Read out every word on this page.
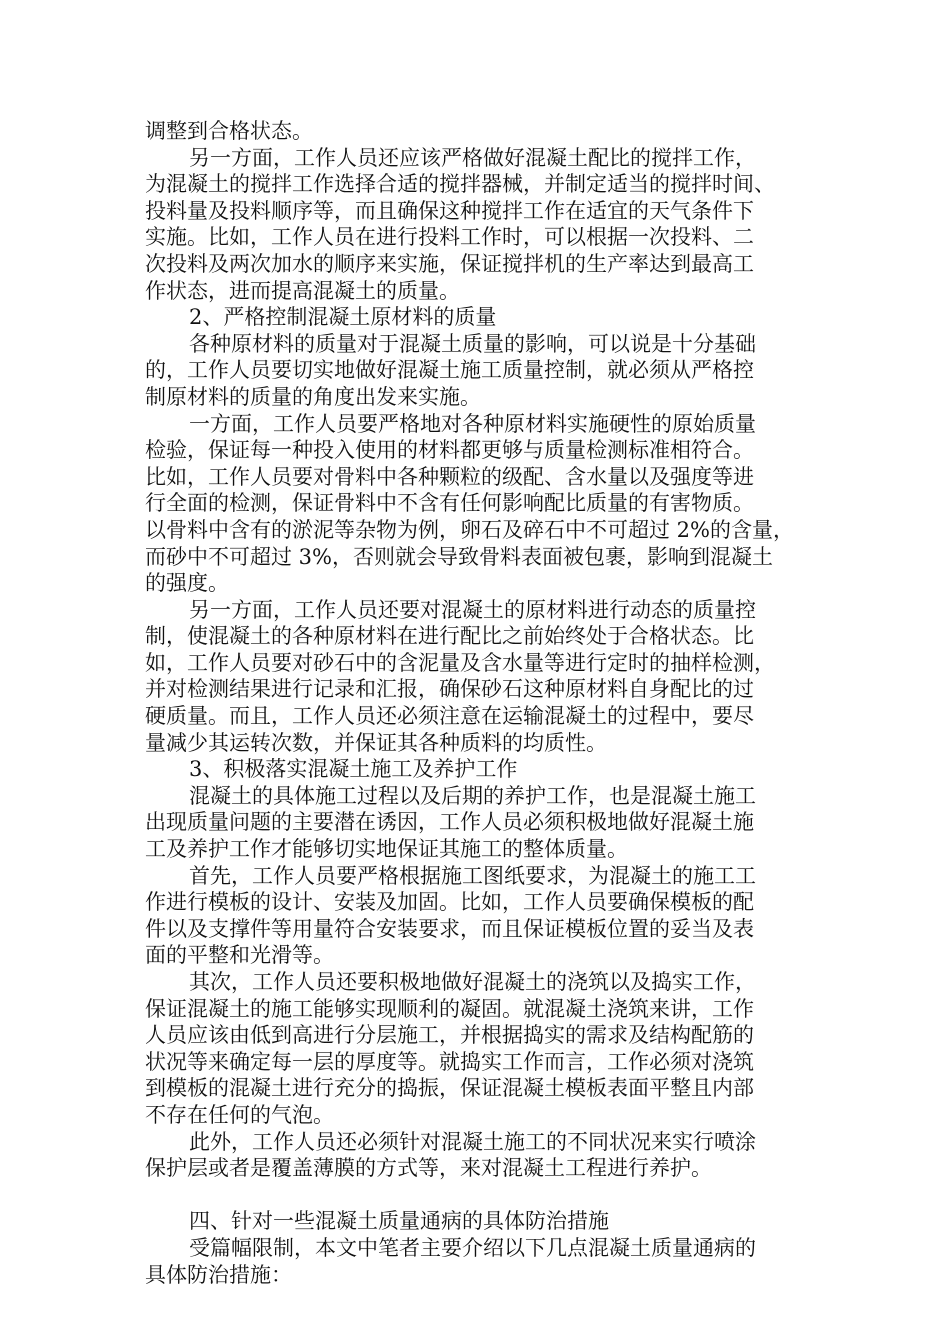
调整到合格状态。
另一方面，工作人员还应该严格做好混凝土配比的搅拌工作，
为混凝土的搅拌工作选择合适的搅拌器械，并制定适当的搅拌时间、
投料量及投料顺序等，而且确保这种搅拌工作在适宜的天气条件下
实施。比如，工作人员在进行投料工作时，可以根据一次投料、二
次投料及两次加水的顺序来实施，保证搅拌机的生产率达到最高工
作状态，进而提高混凝土的质量。
2、严格控制混凝土原材料的质量
各种原材料的质量对于混凝土质量的影响，可以说是十分基础
的，工作人员要切实地做好混凝土施工质量控制，就必须从严格控
制原材料的质量的角度出发来实施。
一方面，工作人员要严格地对各种原材料实施硬性的原始质量
检验，保证每一种投入使用的材料都更够与质量检测标准相符合。
比如，工作人员要对骨料中各种颗粒的级配、含水量以及强度等进
行全面的检测，保证骨料中不含有任何影响配比质量的有害物质。
以骨料中含有的淤泥等杂物为例，卵石及碎石中不可超过 2%的含量，
而砂中不可超过 3%，否则就会导致骨料表面被包裹，影响到混凝土
的强度。
另一方面，工作人员还要对混凝土的原材料进行动态的质量控
制，使混凝土的各种原材料在进行配比之前始终处于合格状态。比
如，工作人员要对砂石中的含泥量及含水量等进行定时的抽样检测，
并对检测结果进行记录和汇报，确保砂石这种原材料自身配比的过
硬质量。而且，工作人员还必须注意在运输混凝土的过程中，要尽
量减少其运转次数，并保证其各种质料的均质性。
3、积极落实混凝土施工及养护工作
混凝土的具体施工过程以及后期的养护工作，也是混凝土施工
出现质量问题的主要潜在诱因，工作人员必须积极地做好混凝土施
工及养护工作才能够切实地保证其施工的整体质量。
首先，工作人员要严格根据施工图纸要求，为混凝土的施工工
作进行模板的设计、安装及加固。比如，工作人员要确保模板的配
件以及支撑件等用量符合安装要求，而且保证模板位置的妥当及表
面的平整和光滑等。
其次，工作人员还要积极地做好混凝土的浇筑以及捣实工作，
保证混凝土的施工能够实现顺利的凝固。就混凝土浇筑来讲，工作
人员应该由低到高进行分层施工，并根据捣实的需求及结构配筋的
状况等来确定每一层的厚度等。就捣实工作而言，工作必须对浇筑
到模板的混凝土进行充分的捣振，保证混凝土模板表面平整且内部
不存在任何的气泡。
此外，工作人员还必须针对混凝土施工的不同状况来实行喷涂
保护层或者是覆盖薄膜的方式等，来对混凝土工程进行养护。
四、针对一些混凝土质量通病的具体防治措施
受篇幅限制，本文中笔者主要介绍以下几点混凝土质量通病的
具体防治措施：
